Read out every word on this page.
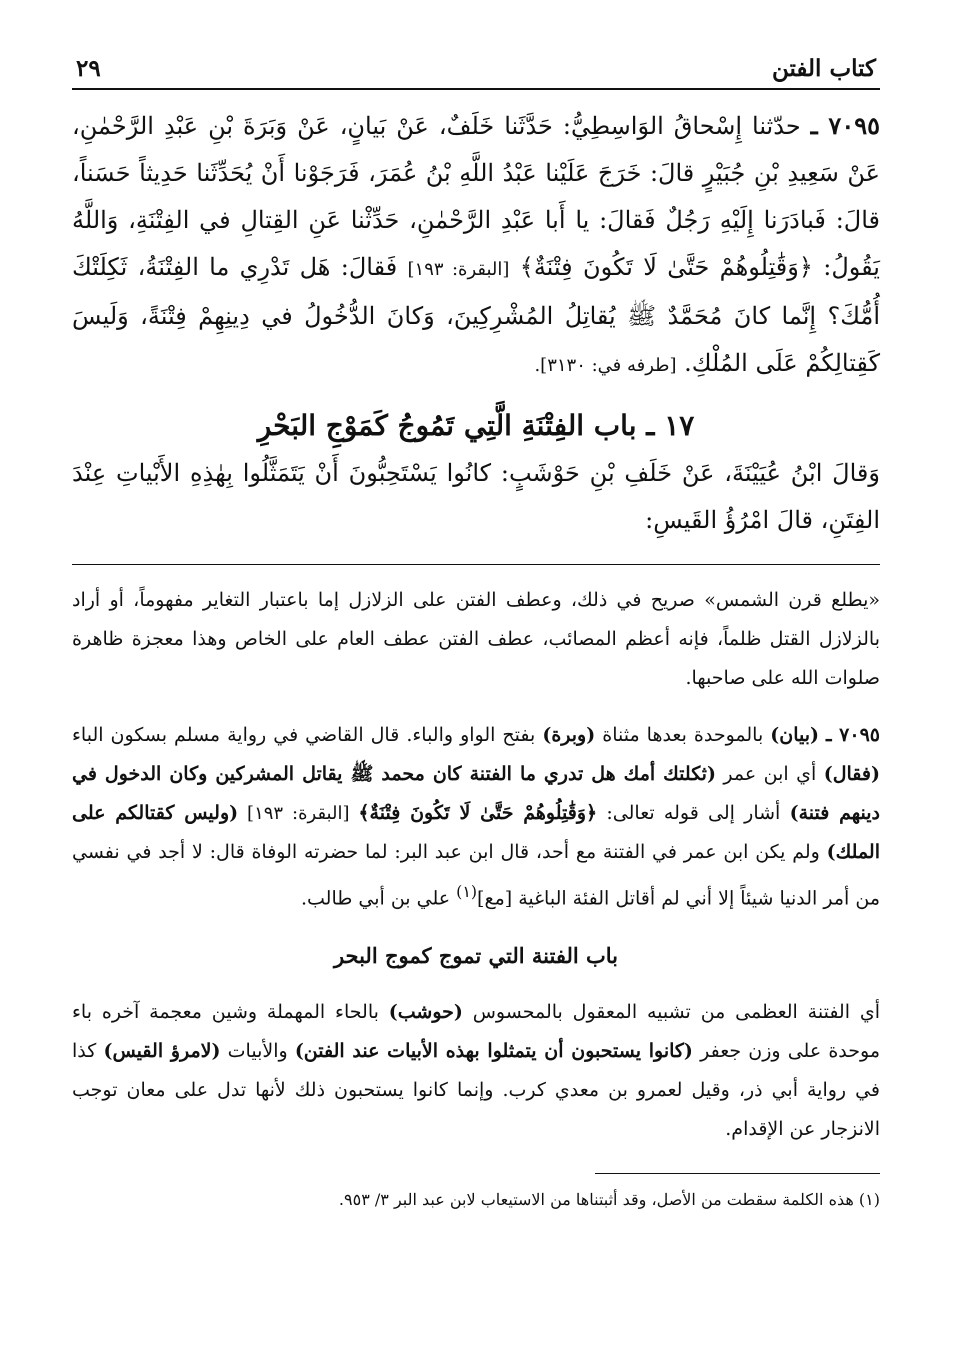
كتاب الفتن
٢٩

٧٠٩٥ ـ حدّثنا إِسْحاقُ الوَاسِطِيُّ: حَدَّثَنا خَلَفٌ، عَنْ بَيانٍ، عَنْ وَبَرَةَ بْنِ عَبْدِ الرَّحْمٰنِ، عَنْ سَعِيدِ بْنِ جُبَيْرٍ قالَ: خَرَجَ عَلَيْنا عَبْدُ اللَّهِ بْنُ عُمَرَ، فَرَجَوْنا أَنْ يُحَدِّثَنا حَدِيثاً حَسَناً، قالَ: فَبادَرَنا إِلَيْهِ رَجُلٌ فَقالَ: يا أَبا عَبْدِ الرَّحْمٰنِ، حَدِّثْنا عَنِ القِتالِ في الفِتْنَةِ، وَاللَّهُ يَقُولُ: ﴿وَقَٰتِلُوهُمْ حَتَّىٰ لَا تَكُونَ فِتْنَةٌ﴾ [البقرة: ١٩٣] فَقالَ: هَل تَدْرِي ما الفِتْنَةُ، ثَكِلَتْكَ أُمُّكَ؟ إِنَّما كانَ مُحَمَّدٌ ﷺ يُقاتِلُ المُشْرِكِينَ، وَكانَ الدُّخُولُ في دِينِهِمْ فِتْنَةً، وَلَيسَ كَقِتالِكُمْ عَلَى المُلْكِ. [طرفه في: ٣١٣٠].

١٧ ـ باب الفِتْنَةِ الَّتِي تَمُوجُ كَمَوْجِ البَحْرِ

وَقالَ ابْنُ عُيَيْنَةَ، عَنْ خَلَفِ بْنِ حَوْشَبٍ: كانُوا يَسْتَحِبُّونَ أَنْ يَتَمَثَّلُوا بِهٰذِهِ الأَبْياتِ عِنْدَ الفِتَنِ، قالَ امْرُؤُ القَيسِ:

«يطلع قرن الشمس» صريح في ذلك، وعطف الفتن على الزلازل إما باعتبار التغاير مفهوماً، أو أراد بالزلازل القتل ظلماً، فإنه أعظم المصائب، عطف الفتن عطف العام على الخاص وهذا معجزة ظاهرة صلوات الله على صاحبها.

٧٠٩٥ ـ (بيان) بالموحدة بعدها مثناة (وبرة) بفتح الواو والباء. قال القاضي في رواية مسلم بسكون الباء (فقال) أي ابن عمر (ثكلتك أمك هل تدري ما الفتنة كان محمد ﷺ يقاتل المشركين وكان الدخول في دينهم فتنة) أشار إلى قوله تعالى: ﴿وَقَٰتِلُوهُمْ حَتَّىٰ لَا تَكُونَ فِتْنَةٌ﴾ [البقرة: ١٩٣] (وليس كقتالكم على الملك) ولم يكن ابن عمر في الفتنة مع أحد، قال ابن عبد البر: لما حضرته الوفاة قال: لا أجد في نفسي من أمر الدنيا شيئاً إلا أني لم أقاتل الفئة الباغية [مع]$^{(١)}$ علي بن أبي طالب.

باب الفتنة التي تموج كموج البحر

أي الفتنة العظمى من تشبيه المعقول بالمحسوس (حوشب) بالحاء المهملة وشين معجمة آخره باء موحدة على وزن جعفر (كانوا يستحبون أن يتمثلوا بهذه الأبيات عند الفتن) والأبيات (لامرؤ القيس) كذا في رواية أبي ذر، وقيل لعمرو بن معدي كرب. وإنما كانوا يستحبون ذلك لأنها تدل على معان توجب الانزجار عن الإقدام.

(١) هذه الكلمة سقطت من الأصل، وقد أثبتناها من الاستيعاب لابن عبد البر ٣/ ٩٥٣.
